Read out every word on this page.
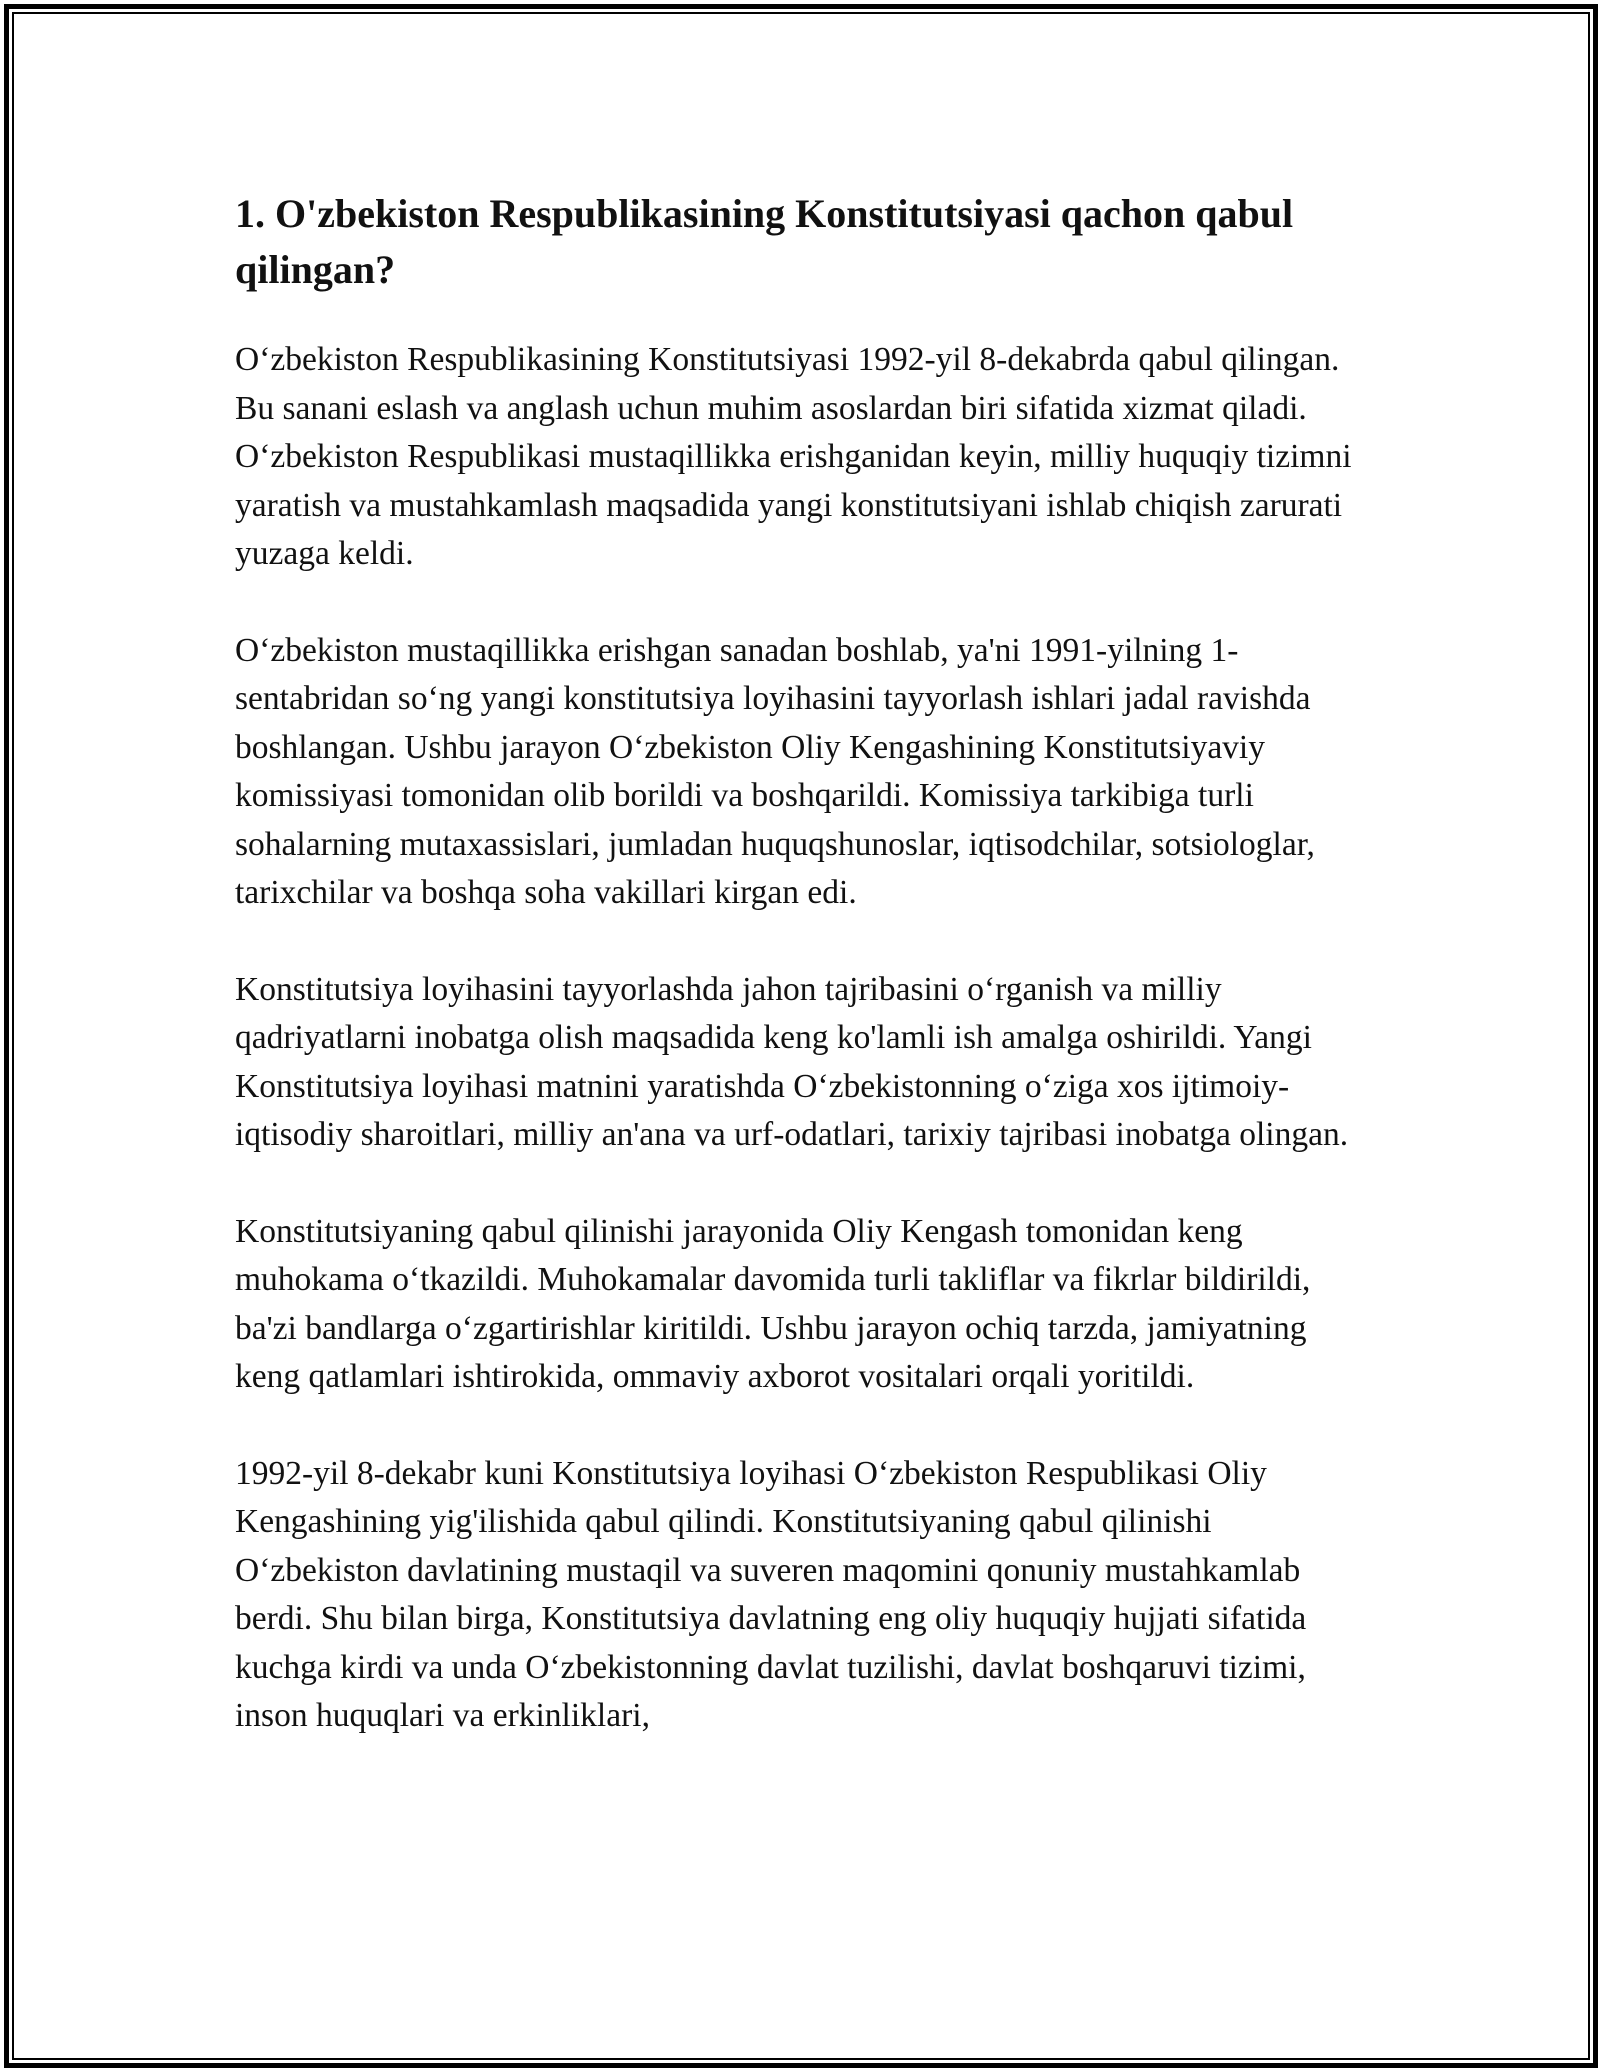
1. O'zbekiston Respublikasining Konstitutsiyasi qachon qabul qilingan?

Oʻzbekiston Respublikasining Konstitutsiyasi 1992-yil 8-dekabrda qabul qilingan. Bu sanani eslash va anglash uchun muhim asoslardan biri sifatida xizmat qiladi. Oʻzbekiston Respublikasi mustaqillikka erishganidan keyin, milliy huquqiy tizimni yaratish va mustahkamlash maqsadida yangi konstitutsiyani ishlab chiqish zarurati yuzaga keldi.

Oʻzbekiston mustaqillikka erishgan sanadan boshlab, ya'ni 1991-yilning 1-sentabridan soʻng yangi konstitutsiya loyihasini tayyorlash ishlari jadal ravishda boshlangan. Ushbu jarayon Oʻzbekiston Oliy Kengashining Konstitutsiyaviy komissiyasi tomonidan olib borildi va boshqarildi. Komissiya tarkibiga turli sohalarning mutaxassislari, jumladan huquqshunoslar, iqtisodchilar, sotsiologlar, tarixchilar va boshqa soha vakillari kirgan edi.

Konstitutsiya loyihasini tayyorlashda jahon tajribasini oʻrganish va milliy qadriyatlarni inobatga olish maqsadida keng ko'lamli ish amalga oshirildi. Yangi Konstitutsiya loyihasi matnini yaratishda Oʻzbekistonning oʻziga xos ijtimoiy-iqtisodiy sharoitlari, milliy an'ana va urf-odatlari, tarixiy tajribasi inobatga olingan.

Konstitutsiyaning qabul qilinishi jarayonida Oliy Kengash tomonidan keng muhokama oʻtkazildi. Muhokamalar davomida turli takliflar va fikrlar bildirildi, ba'zi bandlarga oʻzgartirishlar kiritildi. Ushbu jarayon ochiq tarzda, jamiyatning keng qatlamlari ishtirokida, ommaviy axborot vositalari orqali yoritildi.

1992-yil 8-dekabr kuni Konstitutsiya loyihasi Oʻzbekiston Respublikasi Oliy Kengashining yig'ilishida qabul qilindi. Konstitutsiyaning qabul qilinishi Oʻzbekiston davlatining mustaqil va suveren maqomini qonuniy mustahkamlab berdi. Shu bilan birga, Konstitutsiya davlatning eng oliy huquqiy hujjati sifatida kuchga kirdi va unda Oʻzbekistonning davlat tuzilishi, davlat boshqaruvi tizimi, inson huquqlari va erkinliklari,
